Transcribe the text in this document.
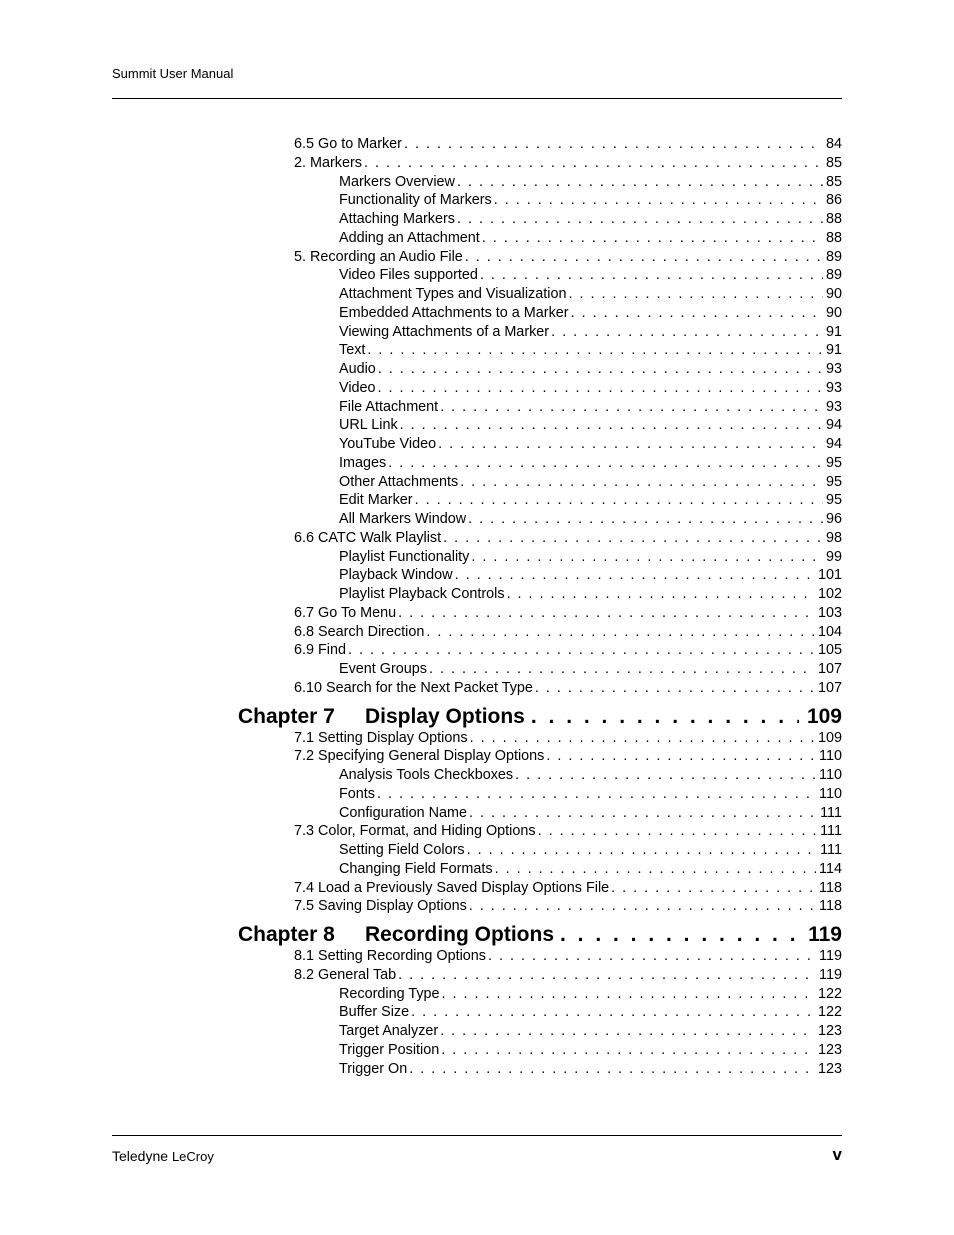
Summit User Manual
6.5 Go to Marker . . .	84
2. Markers . . .	85
Markers Overview . . .	85
Functionality of Markers . . .	86
Attaching Markers . . .	88
Adding an Attachment . . .	88
5. Recording an Audio File . . .	89
Video Files supported . . .	89
Attachment Types and Visualization . . .	90
Embedded Attachments to a Marker . . .	90
Viewing Attachments of a Marker . . .	91
Text . . .	91
Audio . . .	93
Video . . .	93
File Attachment . . .	93
URL Link . . .	94
YouTube Video . . .	94
Images . . .	95
Other Attachments . . .	95
Edit Marker . . .	95
All Markers Window . . .	96
6.6 CATC Walk Playlist . . .	98
Playlist Functionality . . .	99
Playback Window . . .	101
Playlist Playback Controls . . .	102
6.7 Go To Menu . . .	103
6.8 Search Direction . . .	104
6.9 Find . . .	105
Event Groups . . .	107
6.10 Search for the Next Packet Type . . .	107
Chapter 7	Display Options . . .	109
7.1 Setting Display Options . . .	109
7.2 Specifying General Display Options . . .	110
Analysis Tools Checkboxes . . .	110
Fonts . . .	110
Configuration Name . . .	111
7.3 Color, Format, and Hiding Options . . .	111
Setting Field Colors . . .	111
Changing Field Formats . . .	114
7.4 Load a Previously Saved Display Options File . . .	118
7.5 Saving Display Options . . .	118
Chapter 8	Recording Options . . .	119
8.1 Setting Recording Options . . .	119
8.2 General Tab . . .	119
Recording Type . . .	122
Buffer Size . . .	122
Target Analyzer . . .	123
Trigger Position . . .	123
Trigger On . . .	123
Teledyne LeCroy	v
